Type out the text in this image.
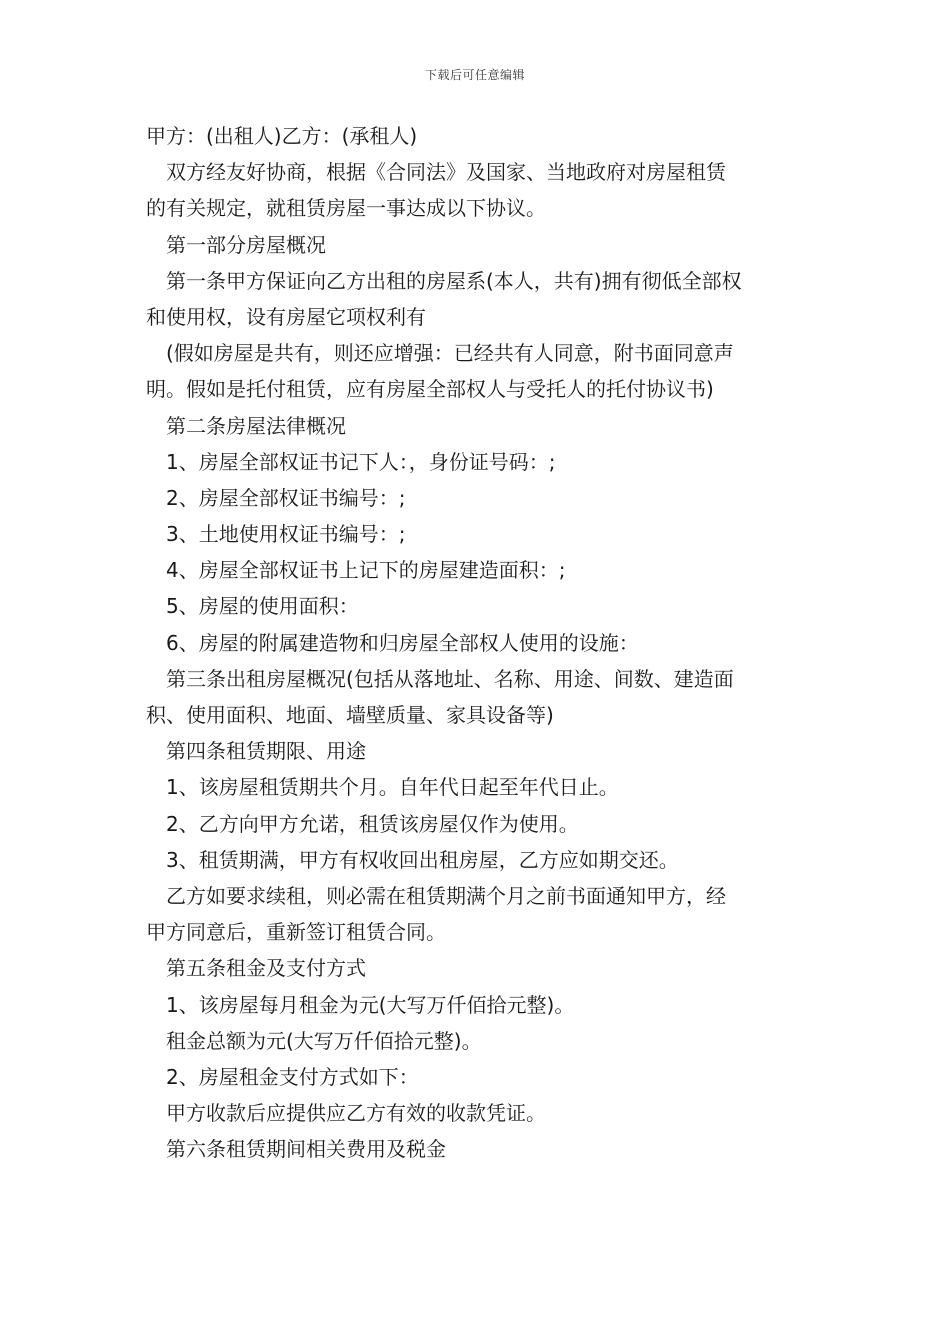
下载后可任意编辑
甲方：(出租人)乙方：(承租人)
双方经友好协商，根据《合同法》及国家、当地政府对房屋租赁
的有关规定，就租赁房屋一事达成以下协议。
第一部分房屋概况
第一条甲方保证向乙方出租的房屋系(本人，共有)拥有彻低全部权
和使用权，设有房屋它项权利有
(假如房屋是共有，则还应增强：已经共有人同意，附书面同意声
明。假如是托付租赁，应有房屋全部权人与受托人的托付协议书)
第二条房屋法律概况
1、房屋全部权证书记下人：，身份证号码：;
2、房屋全部权证书编号：;
3、土地使用权证书编号：;
4、房屋全部权证书上记下的房屋建造面积：;
5、房屋的使用面积：
6、房屋的附属建造物和归房屋全部权人使用的设施：
第三条出租房屋概况(包括从落地址、名称、用途、间数、建造面
积、使用面积、地面、墙壁质量、家具设备等)
第四条租赁期限、用途
1、该房屋租赁期共个月。自年代日起至年代日止。
2、乙方向甲方允诺，租赁该房屋仅作为使用。
3、租赁期满，甲方有权收回出租房屋，乙方应如期交还。
乙方如要求续租，则必需在租赁期满个月之前书面通知甲方，经
甲方同意后，重新签订租赁合同。
第五条租金及支付方式
1、该房屋每月租金为元(大写万仟佰拾元整)。
租金总额为元(大写万仟佰拾元整)。
2、房屋租金支付方式如下：
甲方收款后应提供应乙方有效的收款凭证。
第六条租赁期间相关费用及税金
